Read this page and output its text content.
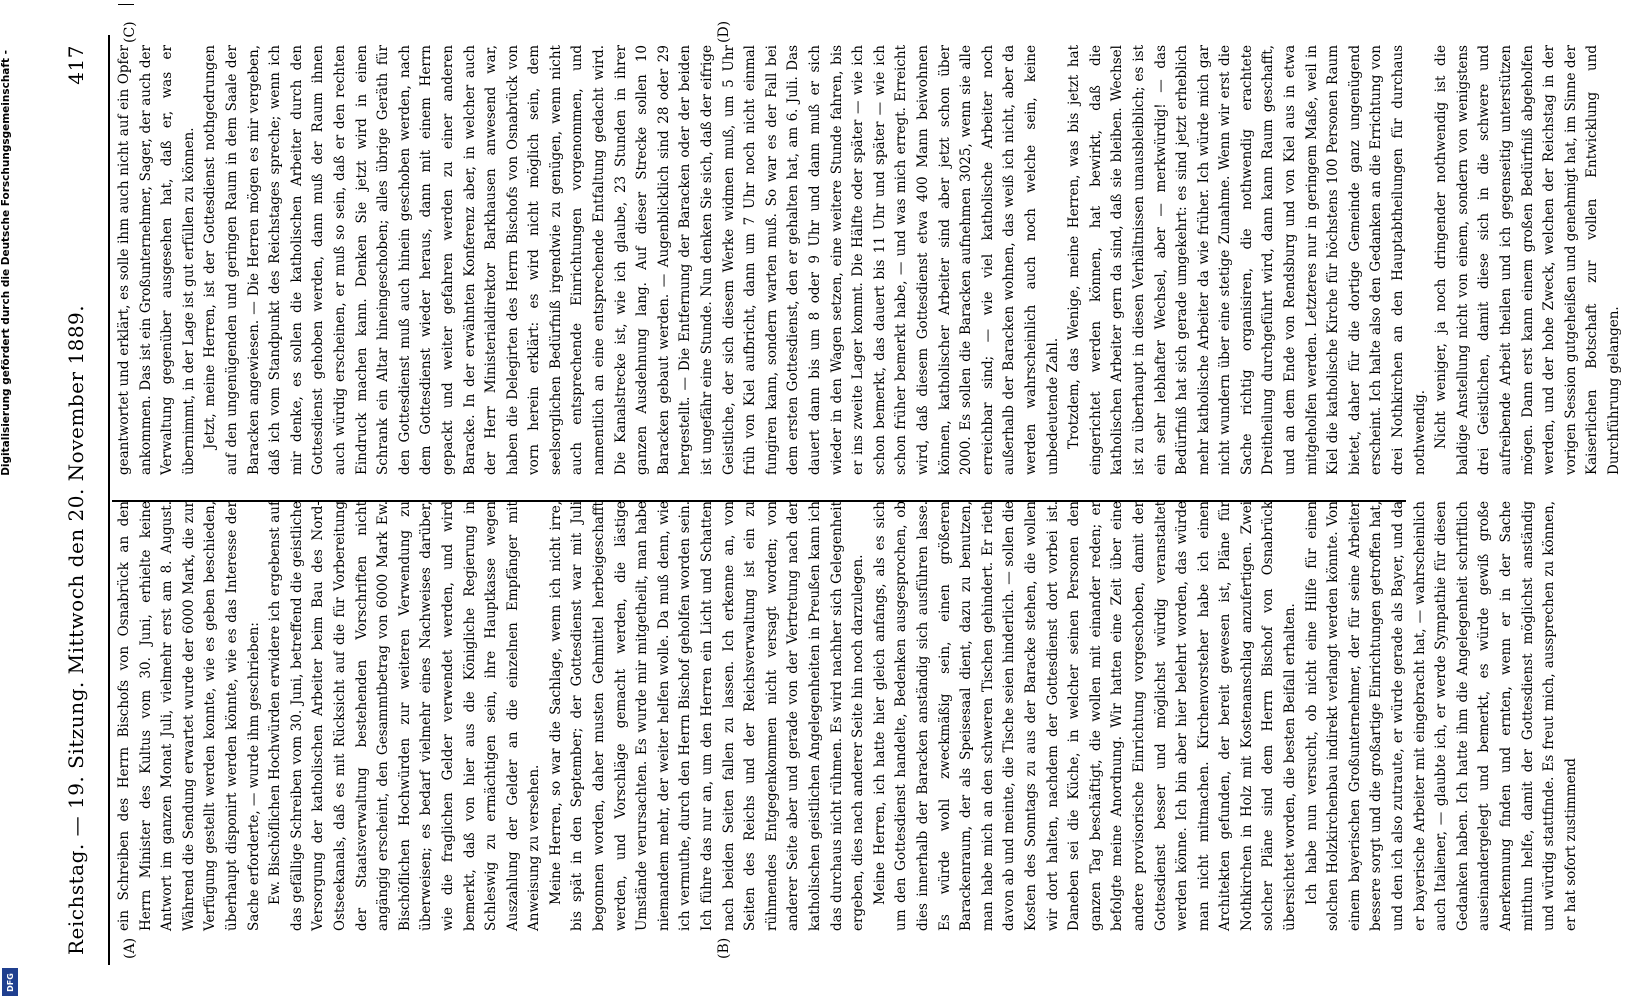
Digitalisierung gefördert durch die Deutsche Forschungsgemeinschaft -
DFG
Reichstag. — 19. Sitzung. Mittwoch den 20. November 1889.
417
(A)	(B)
(C)	(D)

ein Schreiben des Herrn Bischofs von Osnabrück an den Herrn Minister des Kultus vom 30. Juni, erhielte keine Antwort im ganzen Monat Juli, vielmehr erst am 8. August. Während die Sendung erwartet wurde der 6000 Mark, die zur Verfügung gestellt werden konnte, wie es geben beschieden, überhaupt disponirt werden könnte, wie es das Interesse der Sache erforderte, — wurde ihm geschrieben: Ew. Bischöflichen Hochwürden erwidere ich ergebenst auf das gefällige Schreiben vom 30. Juni, betreffend die geistliche Versorgung der katholischen Arbeiter beim Bau des Nord-Ostseekanals, daß es mit Rücksicht auf die für Vorbereitung der Staatsverwaltung bestehenden Vorschriften nicht angängig erscheint, den Gesammtbetrag von 6000 Mark Ew. Bischöflichen Hochwürden zur weiteren Verwendung zu überweisen; es bedarf vielmehr eines Nachweises darüber, wie die fraglichen Gelder verwendet werden, und wird bemerkt, daß von hier aus die Königliche Regierung in Schleswig zu ermächtigen sein, ihre Hauptkasse wegen Auszahlung der Gelder an die einzelnen Empfänger mit Anweisung zu versehen. Meine Herren, so war die Sachlage, wenn ich nicht irre, bis spät in den September; der Gottesdienst war mit Juli begonnen worden, daher musten Gehmittel herbeigeschafft werden, und Vorschläge gemacht werden, die lästige Umstände verursachten. Es wurde mir mitgetheilt, man habe niemandem mehr, der weiter helfen wolle. Da muß denn, wie ich vermuthe, durch den Herrn Bischof geholfen worden sein. Ich führe das nur an, um den Herren ein Licht und Schatten nach beiden Seiten fallen zu lassen. Ich erkenne an, von Seiten des Reichs und der Reichsverwaltung ist ein zu rühmendes Entgegenkommen nicht versagt worden; von anderer Seite aber und gerade von der Vertretung nach der katholischen geistlichen Angelegenheiten in Preußen kann ich das durchaus nicht rühmen. Es wird nachher sich Gelegenheit ergeben, dies nach anderer Seite hin noch darzulegen. Meine Herren, ich hatte hier gleich anfangs, als es sich um den Gottesdienst handelte, Bedenken ausgesprochen, ob dies innerhalb der Baracken anständig sich ausführen lasse. Es würde wohl zweckmäßig sein, einen größeren Barackenraum, der als Speisesaal dient, dazu zu benutzen, man habe mich an den schweren Tischen gehindert. Er rieth davon ab und meinte, die Tische seien hinderlich. — sollen die Kosten des Sonntags zu aus der Baracke stehen, die wollen wir dort halten, nachdem der Gottesdienst dort vorbei ist. Daneben sei die Küche, in welcher seinen Personen den ganzen Tag beschäftigt, die wollen mit einander reden; er befolgte meine Anordnung. Wir hatten eine Zeit über eine andere provisorische Einrichtung vorgeschoben, damit der Gottesdienst besser und möglichst würdig veranstaltet werden könne. Ich bin aber hier belehrt worden, das würde man nicht mitmachen. Kirchenvorsteher habe ich einen Architekten gefunden, der bereit gewesen ist, Pläne für Nothkirchen in Holz mit Kostenanschlag anzufertigen. Zwei solcher Pläne sind dem Herrn Bischof von Osnabrück übersichtet worden, die besten Beifall erhalten. Ich habe nun versucht, ob nicht eine Hilfe für einen solchen Holzkirchenbau indirekt verlangt werden könnte. Von einem bayerischen Großunternehmer, der für seine Arbeiter bessere sorgt und die großartige Einrichtungen getroffen hat, und den ich also zutraute, er würde gerade als Bayer, und da er bayerische Arbeiter mit eingebracht hat, — wahrscheinlich auch Italiener, — glaubte ich, er werde Sympathie für diesen Gedanken haben. Ich hatte ihm die Angelegenheit schriftlich auseinandergelegt und bemerkt, es würde gewiß große Anerkennung finden und ernten, wenn er in der Sache mitthun helfe, damit der Gottesdienst möglichst anständig und würdig stattfinde. Es freut mich, aussprechen zu können, er hat sofort zustimmend

geantwortet und erklärt, es solle ihm auch nicht auf ein Opfer ankommen. Das ist ein Großunternehmer, Sager, der auch der Verwaltung gegenüber ausgesehen hat, daß er, was er übernimmt, in der Lage ist gut erfüllen zu können. Jetzt, meine Herren, ist der Gottesdienst nothgedrungen auf den ungenügenden und geringen Raum in dem Saale der Baracken angewiesen. — Die Herren mögen es mir vergeben, daß ich vom Standpunkt des Reichstages spreche; wenn ich mir denke, es sollen die katholischen Arbeiter durch den Gottesdienst gehoben werden, dann muß der Raum ihnen auch würdig erscheinen, er muß so sein, daß er den rechten Eindruck machen kann. Denken Sie jetzt wird in einen Schrank ein Altar hineingeschoben; alles übrige Geräth für den Gottesdienst muß auch hinein geschoben werden, nach dem Gottesdienst wieder heraus, dann mit einem Herrn gepackt und weiter gefahren werden zu einer anderen Baracke. In der erwähnten Konferenz aber, in welcher auch der Herr Ministerialdirektor Barkhausen anwesend war, haben die Delegirten des Herrn Bischofs von Osnabrück von vorn herein erklärt: es wird nicht möglich sein, dem seelsorglichen Bedürfniß irgendwie zu genügen, wenn nicht auch entsprechende Einrichtungen vorgenommen, und namentlich an eine entsprechende Entfaltung gedacht wird. Die Kanalstrecke ist, wie ich glaube, 23 Stunden in ihrer ganzen Ausdehnung lang. Auf dieser Strecke sollen 10 Baracken gebaut werden. — Augenblicklich sind 28 oder 29 hergestellt. — Die Entfernung der Baracken oder der beiden ist ungefähr eine Stunde. Nun denken Sie sich, daß der eifrige Geistliche, der sich diesem Werke widmen muß, um 5 Uhr früh von Kiel aufbricht, dann um 7 Uhr noch nicht einmal fungiren kann, sondern warten muß. So war es der Fall bei dem ersten Gottesdienst, den er gehalten hat, am 6. Juli. Das dauert dann bis um 8 oder 9 Uhr und dann muß er sich wieder in den Wagen setzen, eine weitere Stunde fahren, bis er ins zweite Lager kommt. Die Hälfte oder später — wie ich schon bemerkt, das dauert bis 11 Uhr und später — wie ich schon früher bemerkt habe, — und was mich erregt. Erreicht wird, daß diesem Gottesdienst etwa 400 Mann beiwohnen können, katholischer Arbeiter sind aber jetzt schon über 2000. Es sollen die Baracken aufnehmen 3025, wenn sie alle erreichbar sind; — wie viel katholische Arbeiter noch außerhalb der Baracken wohnen, das weiß ich nicht, aber da werden wahrscheinlich auch noch welche sein, keine unbedeutende Zahl. Trotzdem, das Wenige, meine Herren, was bis jetzt hat eingerichtet werden können, hat bewirkt, daß die katholischen Arbeiter gern da sind, daß sie bleiben. Wechsel ist zu überhaupt in diesen Verhältnissen unausbleiblich; es ist ein sehr lebhafter Wechsel, aber — merkwürdig! — das Bedürfniß hat sich gerade umgekehrt: es sind jetzt erheblich mehr katholische Arbeiter da wie früher. Ich würde mich gar nicht wundern über eine stetige Zunahme. Wenn wir erst die Sache richtig organisiren, die nothwendig erachtete Dreitheilung durchgeführt wird, dann kann Raum geschafft, und an dem Ende von Rendsburg und von Kiel aus in etwa mitgeholfen werden. Letzteres nur in geringem Maße, weil in Kiel die katholische Kirche für höchstens 100 Personen Raum bietet, daher für die dortige Gemeinde ganz ungenügend erscheint. Ich halte also den Gedanken an die Errichtung von drei Nothkirchen an den Hauptabtheilungen für durchaus nothwendig. Nicht weniger, ja noch dringender nothwendig ist die baldige Anstellung nicht von einem, sondern von wenigstens drei Geistlichen, damit diese sich in die schwere und aufreibende Arbeit theilen und ich gegenseitig unterstützen mögen. Dann erst kann einem großen Bedürfniß abgeholfen werden, und der hohe Zweck, welchen der Reichstag in der vorigen Session gutgeheißen und genehmigt hat, im Sinne der Kaiserlichen Botschaft zur vollen Entwicklung und Durchführung gelangen.
